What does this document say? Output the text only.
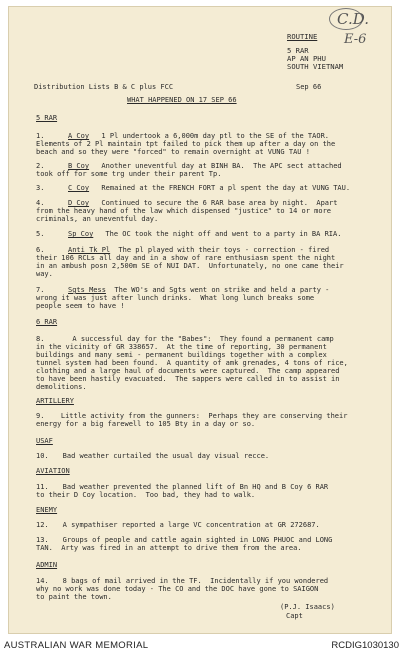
C.D.
E-6
ROUTINE
5 RAR
AP AN PHU
SOUTH VIETNAM
Distribution Lists B & C plus FCC	Sep 66
WHAT HAPPENED ON 17 SEP 66
5 RAR
1.	A Coy 1 Pl undertook a 6,000m day ptl to the SE of the TAOR.
Elements of 2 Pl maintain tpt failed to pick them up after a day on the
beach and so they were "forced" to remain overnight at VUNG TAU !
2.	B Coy Another uneventful day at BINH BA.  The APC sect attached
took off for some trg under their parent Tp.
3.	C Coy Remained at the FRENCH FORT a pl spent the day at VUNG TAU.
4.	D Coy Continued to secure the 6 RAR base area by night.  Apart
from the heavy hand of the law which dispensed "justice" to 14 or more
criminals, an uneventful day.
5.	Sp Coy The OC took the night off and went to a party in BA RIA.
6.	Anti Tk Pl The pl played with their toys - correction - fired
their 106 RCLs all day and in a show of rare enthusiasm spent the night
in an ambush posn 2,500m SE of NUI DAT.  Unfortunately, no one came their
way.
7.	Sgts Mess The WO's and Sgts went on strike and held a party -
wrong it was just after lunch drinks.  What long lunch breaks some
people seem to have !
6 RAR
8.	A successful day for the "Babes":  They found a permanent camp
in the vicinity of GR 338657.  At the time of reporting, 30 permanent
buildings and many semi - permanent buildings together with a complex
tunnel system had been found.  A quantity of amk grenades, 4 tons of rice,
clothing and a large haul of documents were captured.  The camp appeared
to have been hastily evacuated.  The sappers were called in to assist in
demolitions.
ARTILLERY
9. Little activity from the gunners:  Perhaps they are conserving their
energy for a big farewell to 105 Bty in a day or so.
USAF
10. Bad weather curtailed the usual day visual recce.
AVIATION
11. Bad weather prevented the planned lift of Bn HQ and B Coy 6 RAR
to their D Coy location.  Too bad, they had to walk.
ENEMY
12. A sympathiser reported a large VC concentration at GR 272687.
13. Groups of people and cattle again sighted in LONG PHUOC and LONG
TAN.  Arty was fired in an attempt to drive them from the area.
ADMIN
14. 8 bags of mail arrived in the TF.  Incidentally if you wondered
why no work was done today - The CO and the DOC have gone to SAIGON
to paint the town.
(P.J. Isaacs)
Capt
AUSTRALIAN WAR MEMORIAL	RCDIG1030130
